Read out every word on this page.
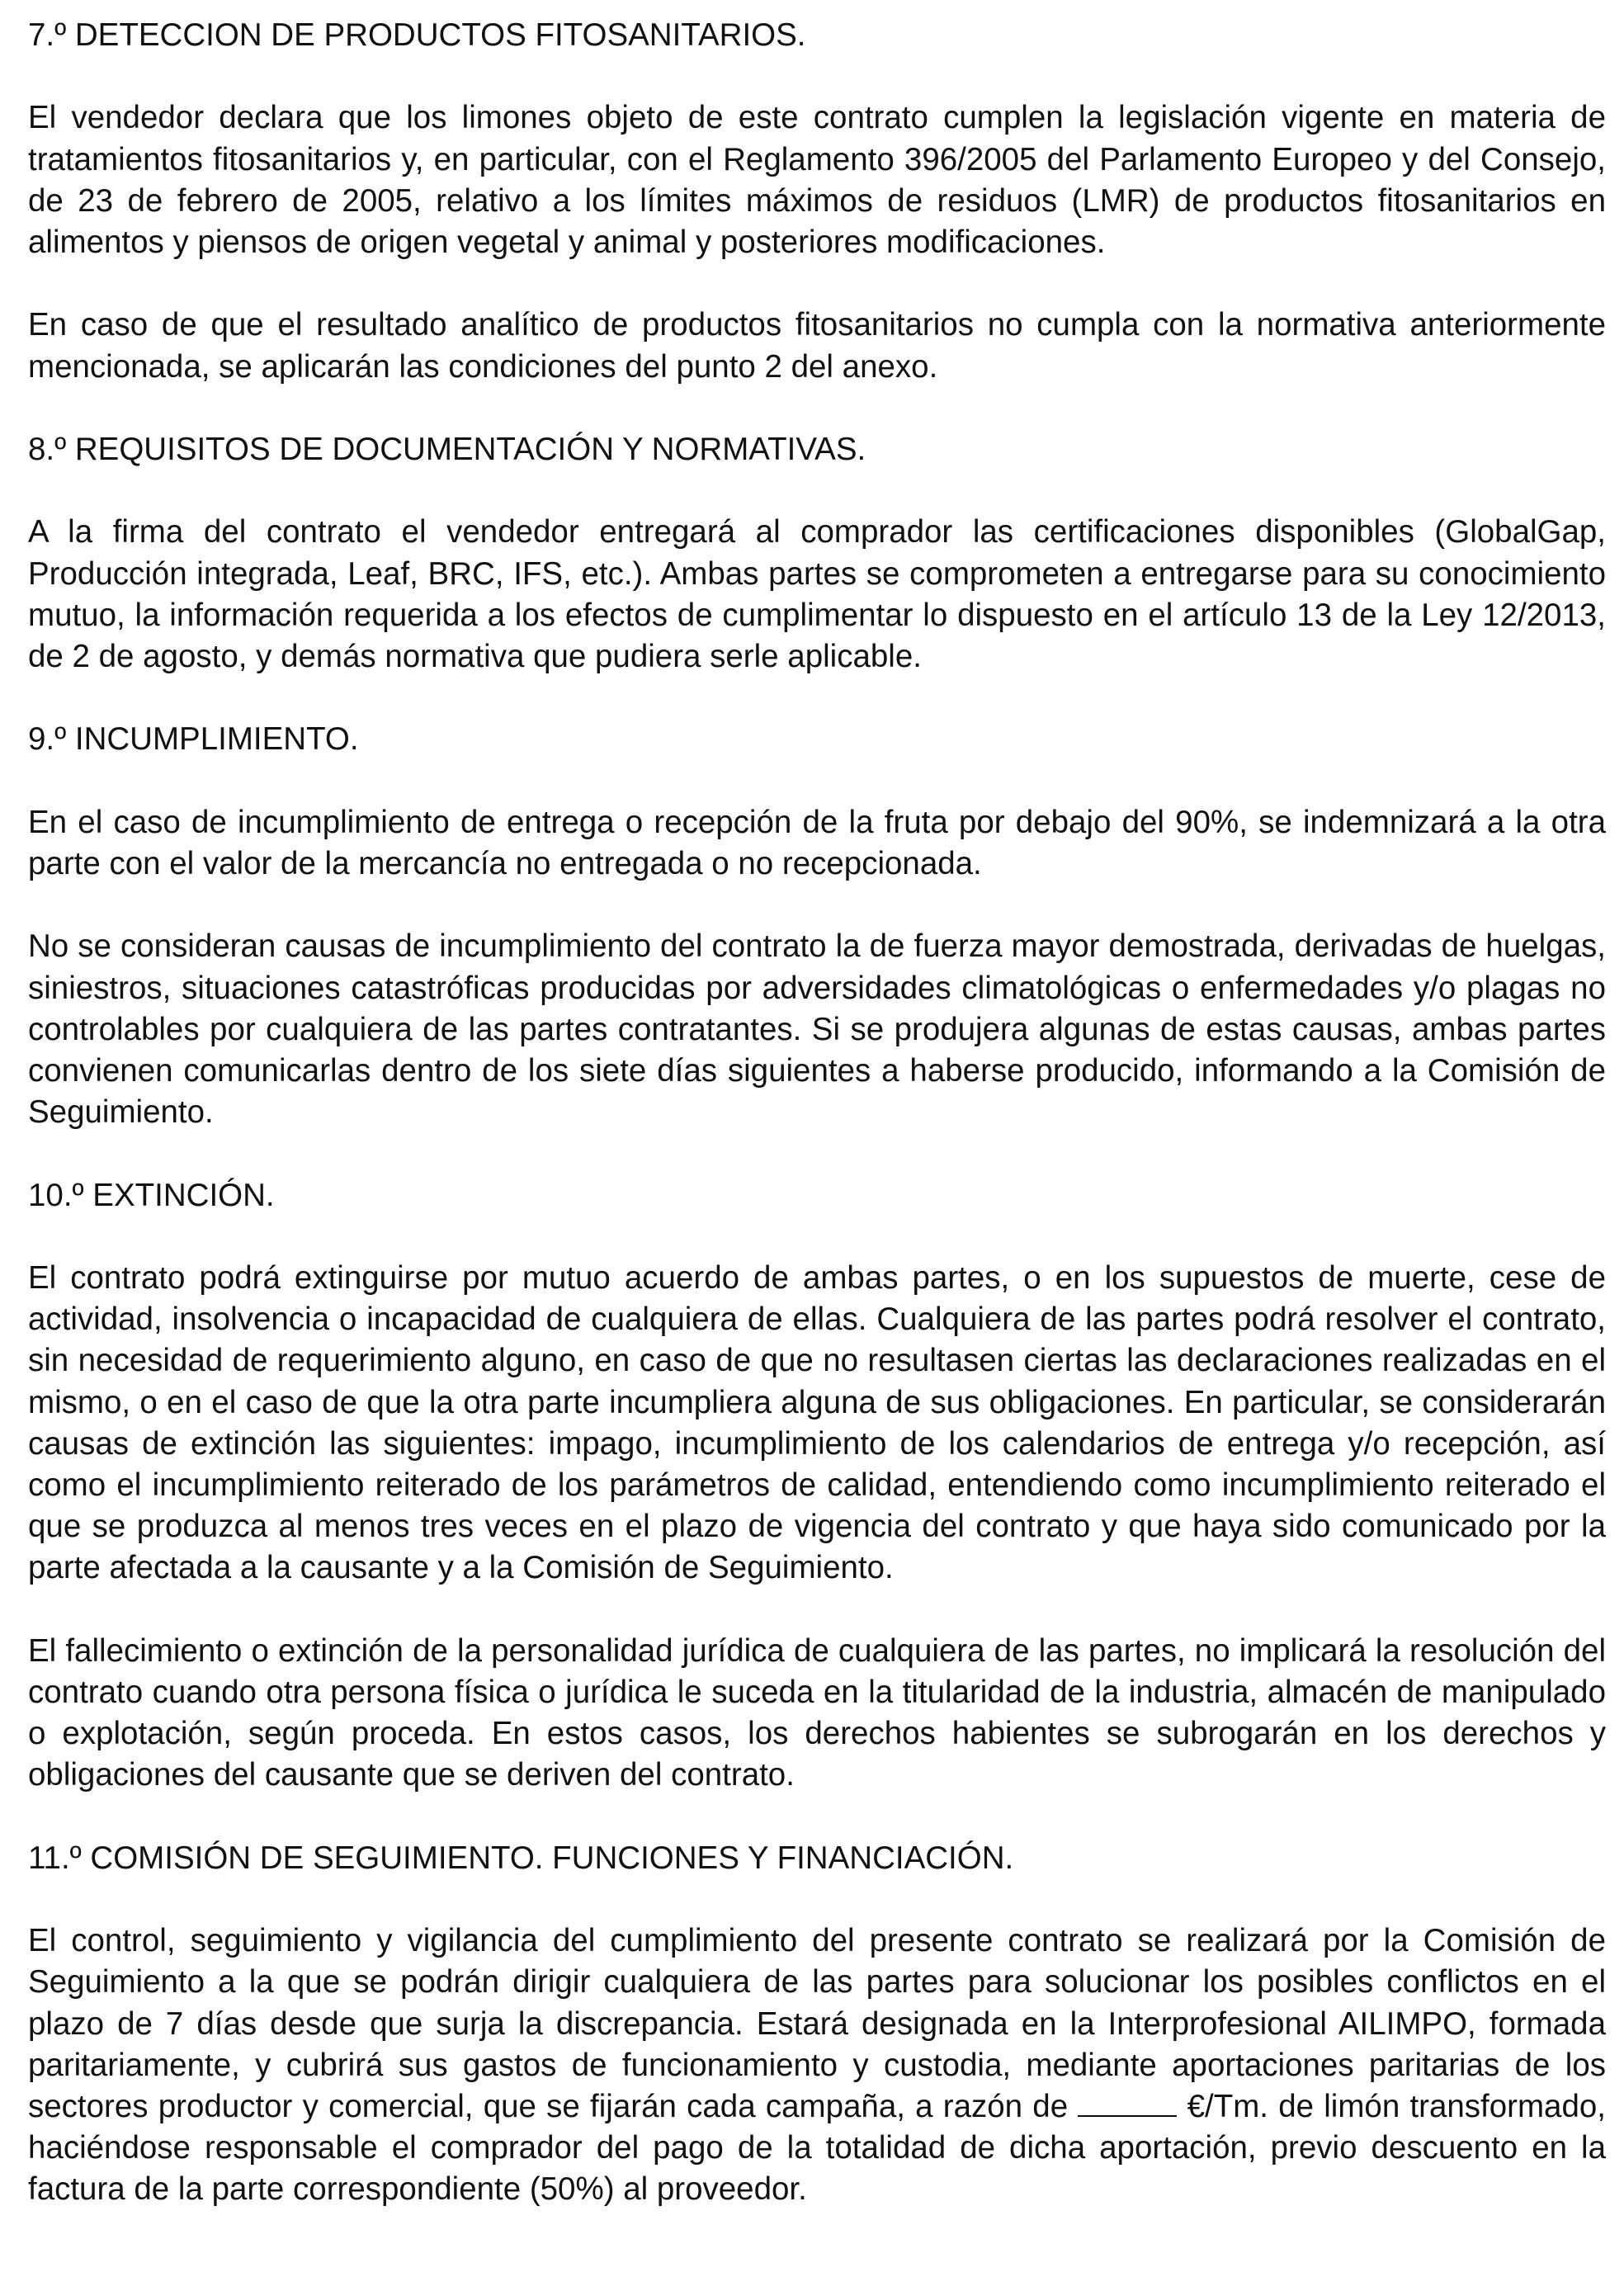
7.º DETECCION DE PRODUCTOS FITOSANITARIOS.

El vendedor declara que los limones objeto de este contrato cumplen la legislación vigente en materia de tratamientos fitosanitarios y, en particular, con el Reglamento 396/2005 del Parlamento Europeo y del Consejo, de 23 de febrero de 2005, relativo a los límites máximos de residuos (LMR) de productos fitosanitarios en alimentos y piensos de origen vegetal y animal y posteriores modificaciones.

En caso de que el resultado analítico de productos fitosanitarios no cumpla con la normativa anteriormente mencionada, se aplicarán las condiciones del punto 2 del anexo.

8.º REQUISITOS DE DOCUMENTACIÓN Y NORMATIVAS.

A la firma del contrato el vendedor entregará al comprador las certificaciones disponibles (GlobalGap, Producción integrada, Leaf, BRC, IFS, etc.). Ambas partes se comprometen a entregarse para su conocimiento mutuo, la información requerida a los efectos de cumplimentar lo dispuesto en el artículo 13 de la Ley 12/2013, de 2 de agosto, y demás normativa que pudiera serle aplicable.

9.º INCUMPLIMIENTO.

En el caso de incumplimiento de entrega o recepción de la fruta por debajo del 90%, se indemnizará a la otra parte con el valor de la mercancía no entregada o no recepcionada.

No se consideran causas de incumplimiento del contrato la de fuerza mayor demostrada, derivadas de huelgas, siniestros, situaciones catastróficas producidas por adversidades climatológicas o enfermedades y/o plagas no controlables por cualquiera de las partes contratantes. Si se produjera algunas de estas causas, ambas partes convienen comunicarlas dentro de los siete días siguientes a haberse producido, informando a la Comisión de Seguimiento.

10.º EXTINCIÓN.

El contrato podrá extinguirse por mutuo acuerdo de ambas partes, o en los supuestos de muerte, cese de actividad, insolvencia o incapacidad de cualquiera de ellas. Cualquiera de las partes podrá resolver el contrato, sin necesidad de requerimiento alguno, en caso de que no resultasen ciertas las declaraciones realizadas en el mismo, o en el caso de que la otra parte incumpliera alguna de sus obligaciones. En particular, se considerarán causas de extinción las siguientes: impago, incumplimiento de los calendarios de entrega y/o recepción, así como el incumplimiento reiterado de los parámetros de calidad, entendiendo como incumplimiento reiterado el que se produzca al menos tres veces en el plazo de vigencia del contrato y que haya sido comunicado por la parte afectada a la causante y a la Comisión de Seguimiento.

El fallecimiento o extinción de la personalidad jurídica de cualquiera de las partes, no implicará la resolución del contrato cuando otra persona física o jurídica le suceda en la titularidad de la industria, almacén de manipulado o explotación, según proceda. En estos casos, los derechos habientes se subrogarán en los derechos y obligaciones del causante que se deriven del contrato.

11.º COMISIÓN DE SEGUIMIENTO. FUNCIONES Y FINANCIACIÓN.

El control, seguimiento y vigilancia del cumplimiento del presente contrato se realizará por la Comisión de Seguimiento a la que se podrán dirigir cualquiera de las partes para solucionar los posibles conflictos en el plazo de 7 días desde que surja la discrepancia. Estará designada en la Interprofesional AILIMPO, formada paritariamente, y cubrirá sus gastos de funcionamiento y custodia, mediante aportaciones paritarias de los sectores productor y comercial, que se fijarán cada campaña, a razón de	€/Tm. de limón transformado, haciéndose responsable el comprador del pago de la totalidad de dicha aportación, previo descuento en la factura de la parte correspondiente (50%) al proveedor.
